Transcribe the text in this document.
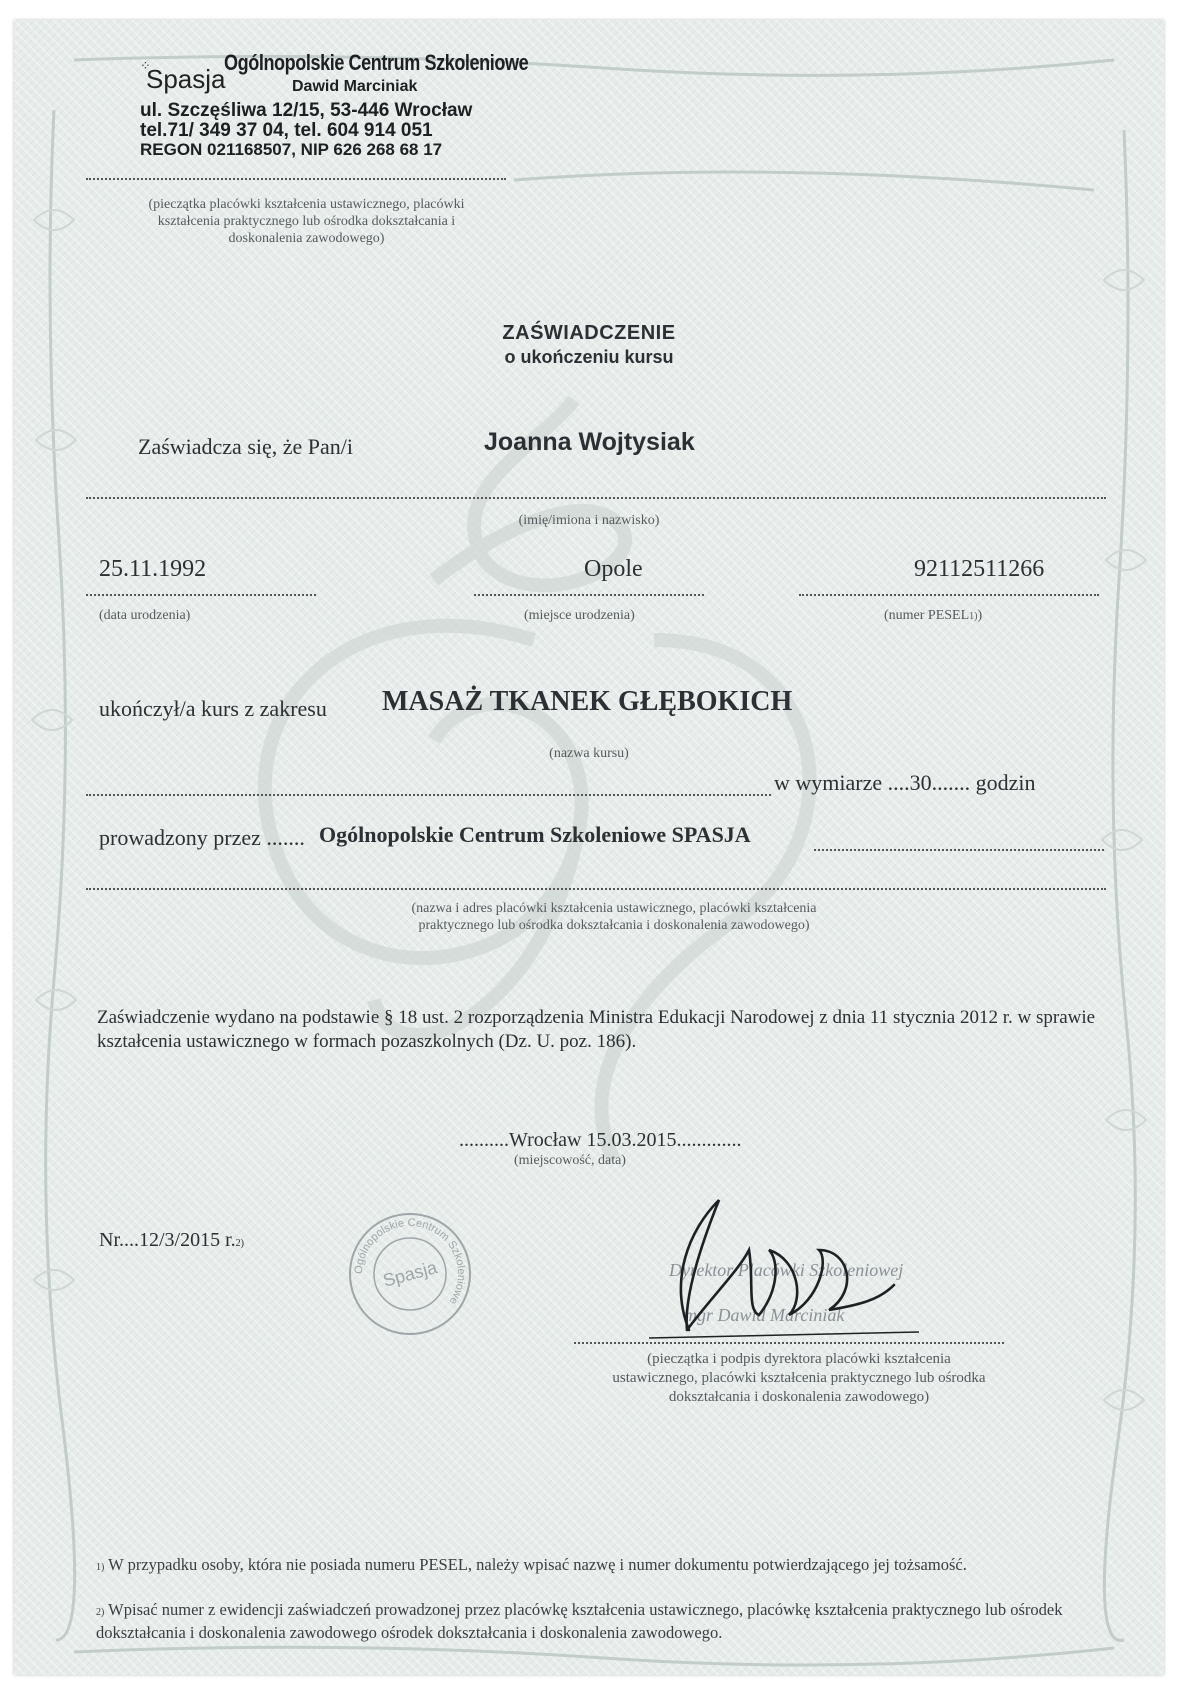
⁘
Spasja
Ogólnopolskie Centrum Szkoleniowe
Dawid Marciniak
ul. Szczęśliwa 12/15, 53-446 Wrocław
tel.71/ 349 37 04, tel. 604 914 051
REGON 021168507, NIP 626 268 68 17
(pieczątka placówki kształcenia ustawicznego, placówki kształcenia praktycznego lub ośrodka dokształcania i doskonalenia zawodowego)
ZAŚWIADCZENIE
o ukończeniu kursu
Zaświadcza się, że Pan/i	Joanna Wojtysiak
(imię/imiona i nazwisko)
25.11.1992	Opole	92112511266
(data urodzenia)	(miejsce urodzenia)	(numer PESEL1))
ukończył/a kurs z zakresu MASAŻ TKANEK GŁĘBOKICH
(nazwa kursu)
w wymiarze ....30....... godzin
prowadzony przez ....... Ogólnopolskie Centrum Szkoleniowe SPASJA
(nazwa i adres placówki kształcenia ustawicznego, placówki kształcenia praktycznego lub ośrodka dokształcania i doskonalenia zawodowego)
Zaświadczenie wydano na podstawie § 18 ust. 2 rozporządzenia Ministra Edukacji Narodowej z dnia 11 stycznia 2012 r. w sprawie kształcenia ustawicznego w formach pozaszkolnych (Dz. U. poz. 186).
..........Wrocław 15.03.2015.............
(miejscowość, data)
Nr....12/3/2015 r.2)
Ogólnopolskie Centrum Szkoleniowe
Spasja	Dyrektor Placówki Szkoleniowej
mgr Dawid Marciniak
(pieczątka i podpis dyrektora placówki kształcenia ustawicznego, placówki kształcenia praktycznego lub ośrodka dokształcania i doskonalenia zawodowego)
1) W przypadku osoby, która nie posiada numeru PESEL, należy wpisać nazwę i numer dokumentu potwierdzającego jej tożsamość.
2) Wpisać numer z ewidencji zaświadczeń prowadzonej przez placówkę kształcenia ustawicznego, placówkę kształcenia praktycznego lub ośrodek dokształcania i doskonalenia zawodowego ośrodek dokształcania i doskonalenia zawodowego.
